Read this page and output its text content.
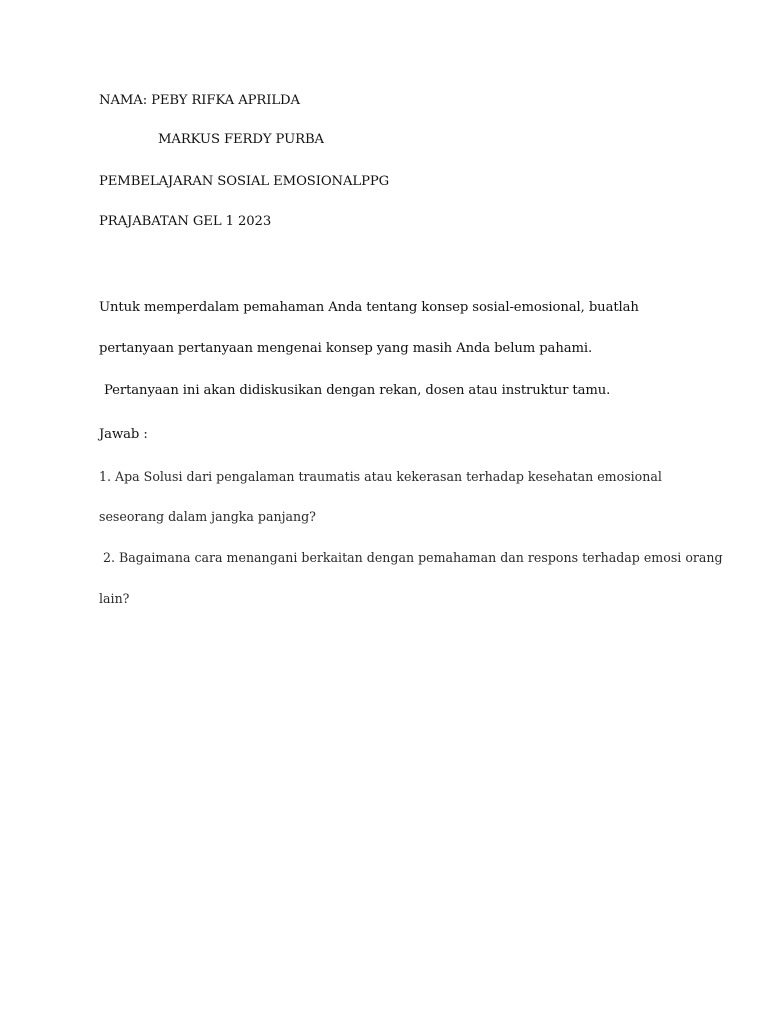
NAMA: PEBY RIFKA APRILDA
MARKUS FERDY PURBA
PEMBELAJARAN SOSIAL EMOSIONALPPG
PRAJABATAN GEL 1 2023
Untuk memperdalam pemahaman Anda tentang konsep sosial-emosional, buatlah
pertanyaan pertanyaan mengenai konsep yang masih Anda belum pahami.
Pertanyaan ini akan didiskusikan dengan rekan, dosen atau instruktur tamu.
Jawab :
1. Apa Solusi dari pengalaman traumatis atau kekerasan terhadap kesehatan emosional
seseorang dalam jangka panjang?
2. Bagaimana cara menangani berkaitan dengan pemahaman dan respons terhadap emosi orang
lain?
